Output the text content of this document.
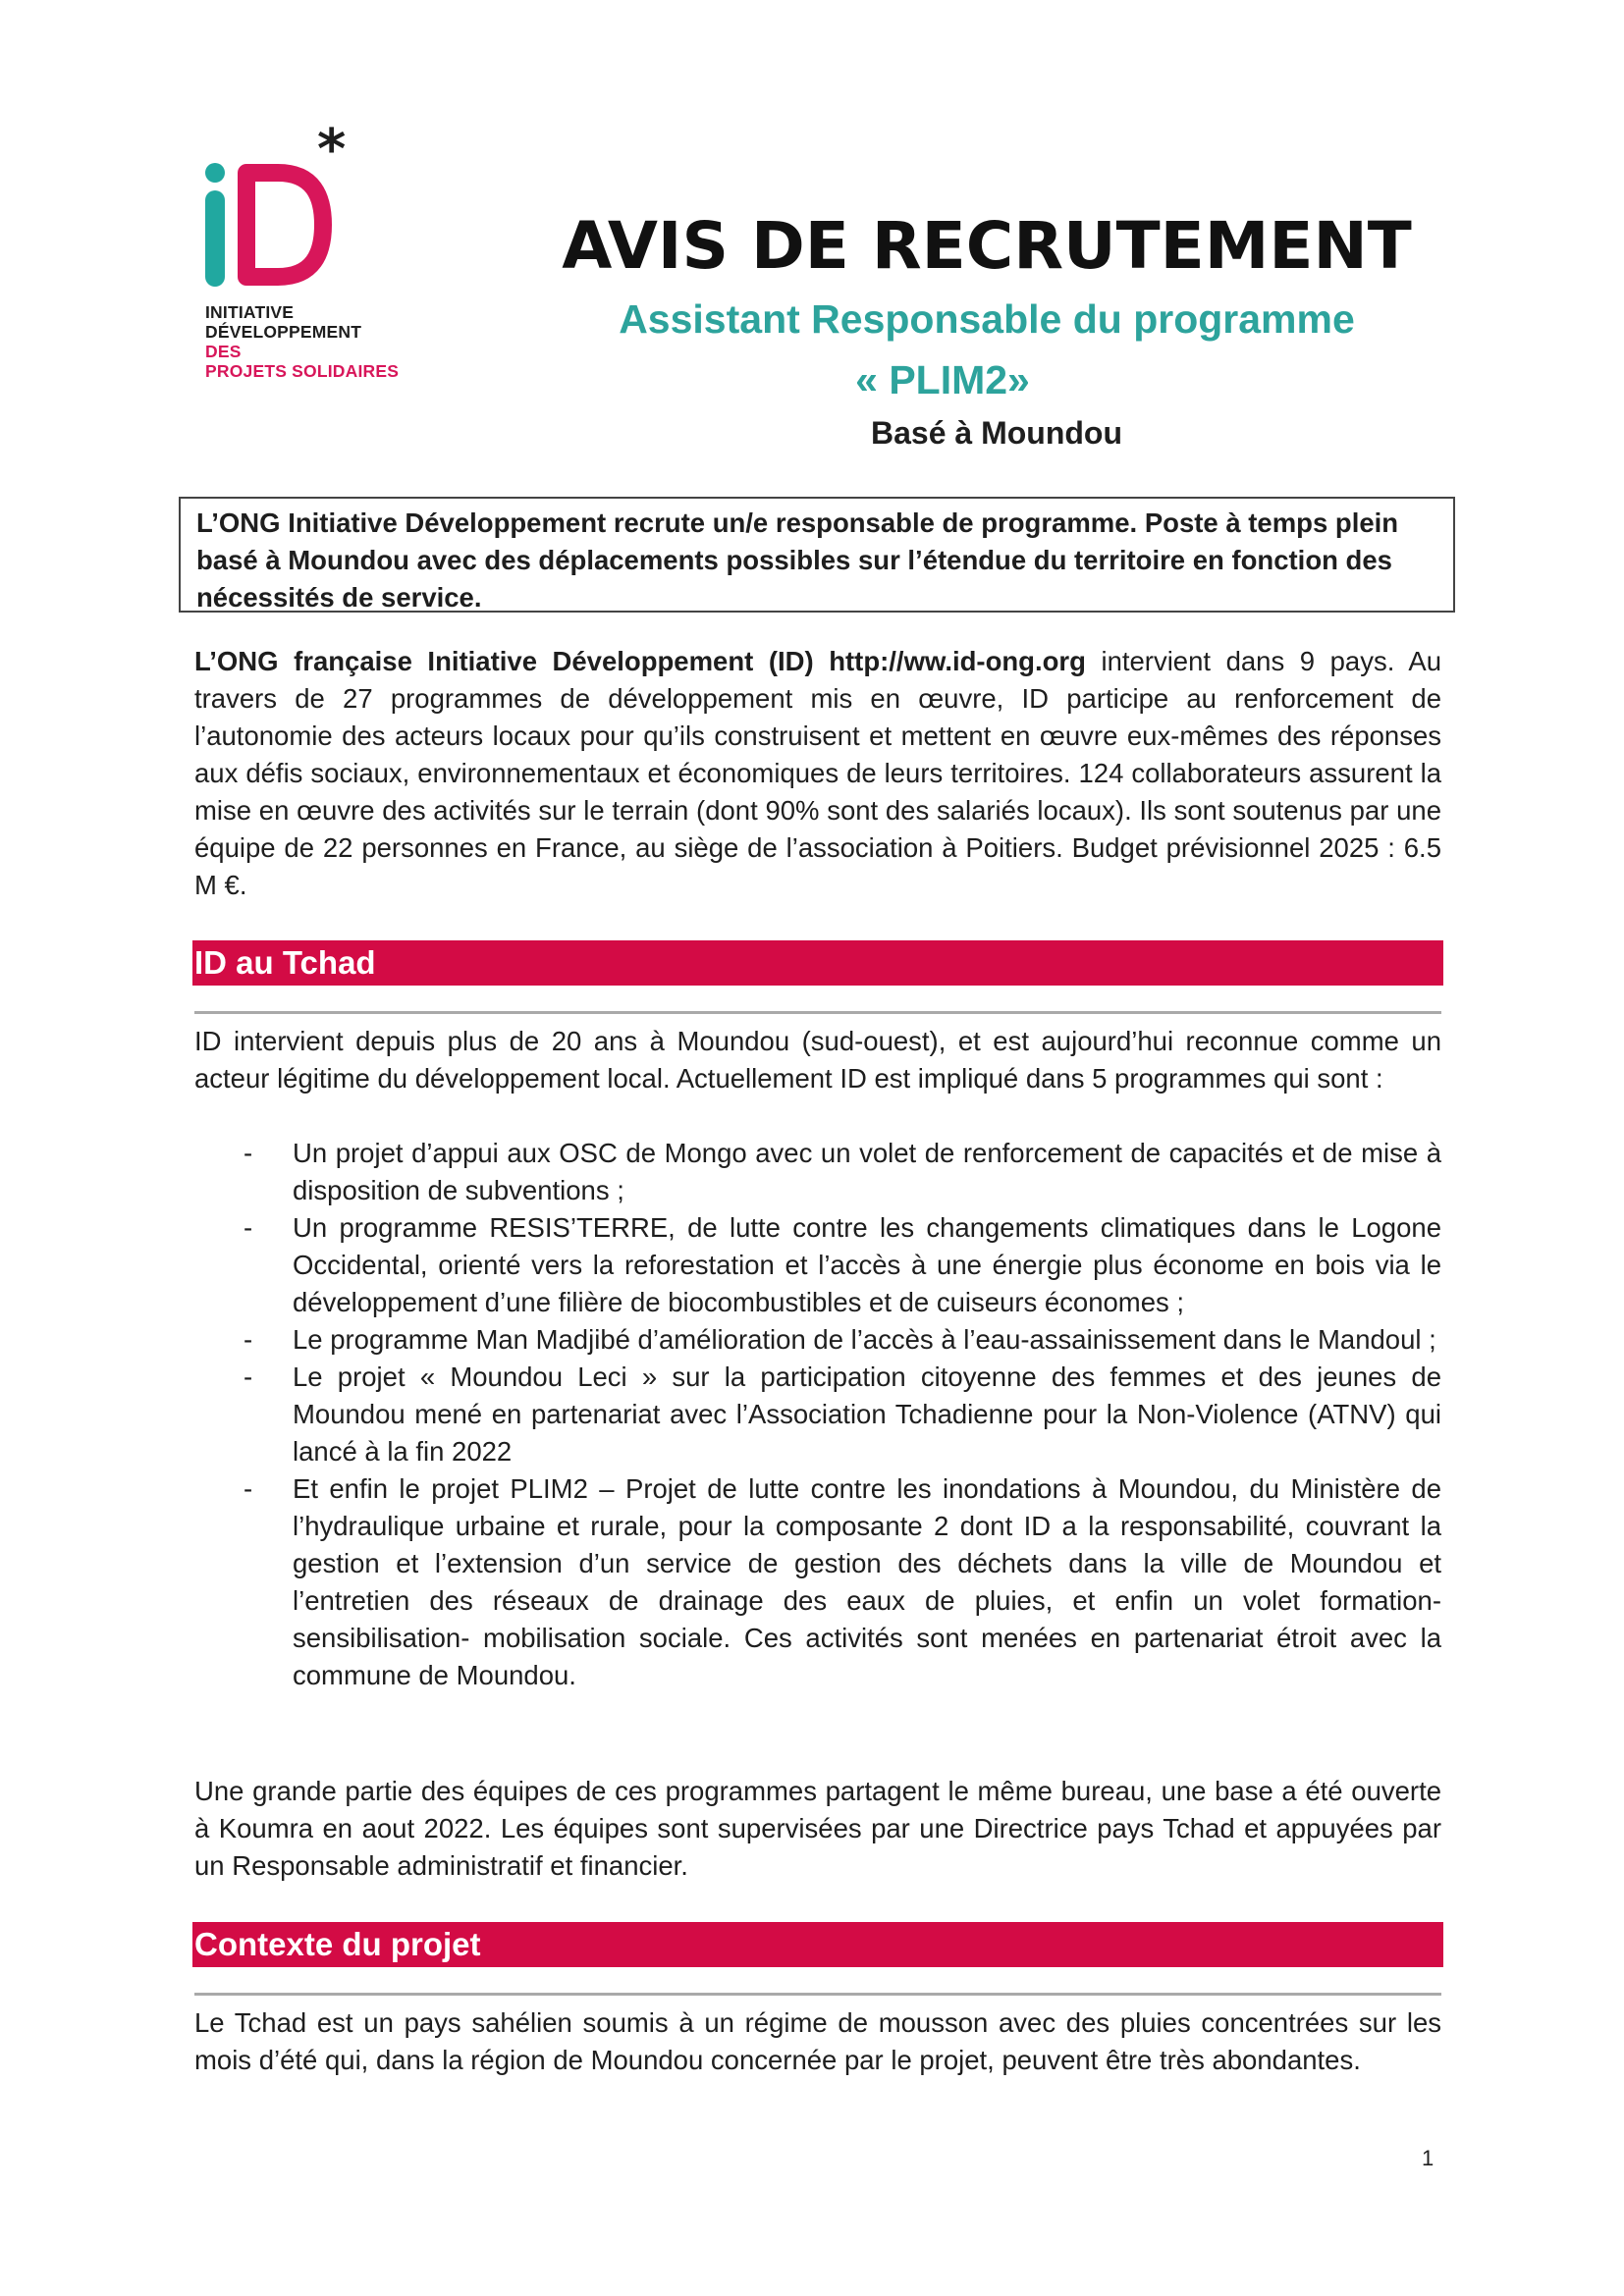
*
INITIATIVE
DÉVELOPPEMENT
DES
PROJETS SOLIDAIRES
AVIS DE RECRUTEMENT
Assistant Responsable du programme
« PLIM2»
Basé à Moundou
L’ONG Initiative Développement recrute un/e responsable de programme. Poste à temps plein basé à Moundou avec des déplacements possibles sur l’étendue du territoire en fonction des nécessités de service.
L’ONG française Initiative Développement (ID) http://ww.id-ong.org intervient dans 9 pays. Au travers de 27 programmes de développement mis en œuvre, ID participe au renforcement de l’autonomie des acteurs locaux pour qu’ils construisent et mettent en œuvre eux-mêmes des réponses aux défis sociaux, environnementaux et économiques de leurs territoires. 124 collaborateurs assurent la mise en œuvre des activités sur le terrain (dont 90% sont des salariés locaux). Ils sont soutenus par une équipe de 22 personnes en France, au siège de l’association à Poitiers. Budget prévisionnel 2025 : 6.5 M €.
ID au Tchad
ID intervient depuis plus de 20 ans à Moundou (sud-ouest), et est aujourd’hui reconnue comme un acteur légitime du développement local. Actuellement ID est impliqué dans 5 programmes qui sont :
- Un projet d’appui aux OSC de Mongo avec un volet de renforcement de capacités et de mise à disposition de subventions ;
- Un programme RESIS’TERRE, de lutte contre les changements climatiques dans le Logone Occidental, orienté vers la reforestation et l’accès à une énergie plus économe en bois via le développement d’une filière de biocombustibles et de cuiseurs économes ;
- Le programme Man Madjibé d’amélioration de l’accès à l’eau-assainissement dans le Mandoul ;
- Le projet « Moundou Leci » sur la participation citoyenne des femmes et des jeunes de Moundou mené en partenariat avec l’Association Tchadienne pour la Non-Violence (ATNV) qui lancé à la fin 2022
- Et enfin le projet PLIM2 – Projet de lutte contre les inondations à Moundou, du Ministère de l’hydraulique urbaine et rurale, pour la composante 2 dont ID a la responsabilité, couvrant la gestion et l’extension d’un service de gestion des déchets dans la ville de Moundou et l’entretien des réseaux de drainage des eaux de pluies, et enfin un volet formation-sensibilisation- mobilisation sociale. Ces activités sont menées en partenariat étroit avec la commune de Moundou.
Une grande partie des équipes de ces programmes partagent le même bureau, une base a été ouverte à Koumra en aout 2022. Les équipes sont supervisées par une Directrice pays Tchad et appuyées par un Responsable administratif et financier.
Contexte du projet
Le Tchad est un pays sahélien soumis à un régime de mousson avec des pluies concentrées sur les mois d’été qui, dans la région de Moundou concernée par le projet, peuvent être très abondantes.
1
